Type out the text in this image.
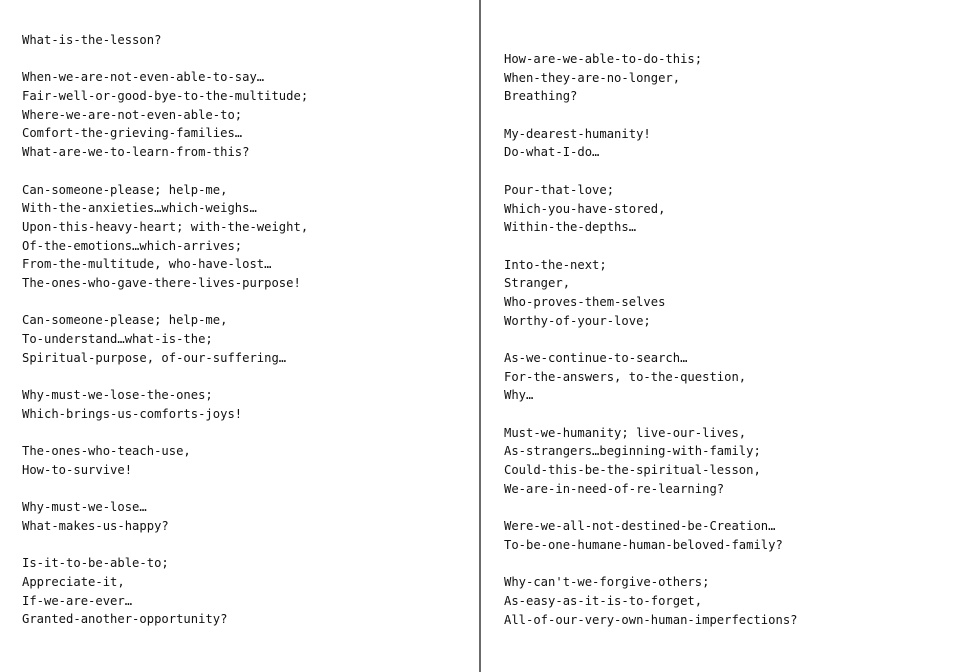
What-is-the-lesson?
When-we-are-not-even-able-to-say…
Fair-well-or-good-bye-to-the-multitude;
Where-we-are-not-even-able-to;
Comfort-the-grieving-families…
What-are-we-to-learn-from-this?
Can-someone-please; help-me,
With-the-anxieties…which-weighs…
Upon-this-heavy-heart; with-the-weight,
Of-the-emotions…which-arrives;
From-the-multitude, who-have-lost…
The-ones-who-gave-there-lives-purpose!
Can-someone-please; help-me,
To-understand…what-is-the;
Spiritual-purpose, of-our-suffering…
Why-must-we-lose-the-ones;
Which-brings-us-comforts-joys!
The-ones-who-teach-use,
How-to-survive!
Why-must-we-lose…
What-makes-us-happy?
Is-it-to-be-able-to;
Appreciate-it,
If-we-are-ever…
Granted-another-opportunity?
How-are-we-able-to-do-this;
When-they-are-no-longer,
Breathing?
My-dearest-humanity!
Do-what-I-do…
Pour-that-love;
Which-you-have-stored,
Within-the-depths…
Into-the-next;
Stranger,
Who-proves-them-selves
Worthy-of-your-love;
As-we-continue-to-search…
For-the-answers, to-the-question,
Why…
Must-we-humanity; live-our-lives,
As-strangers…beginning-with-family;
Could-this-be-the-spiritual-lesson,
We-are-in-need-of-re-learning?
Were-we-all-not-destined-be-Creation…
To-be-one-humane-human-beloved-family?
Why-can't-we-forgive-others;
As-easy-as-it-is-to-forget,
All-of-our-very-own-human-imperfections?
